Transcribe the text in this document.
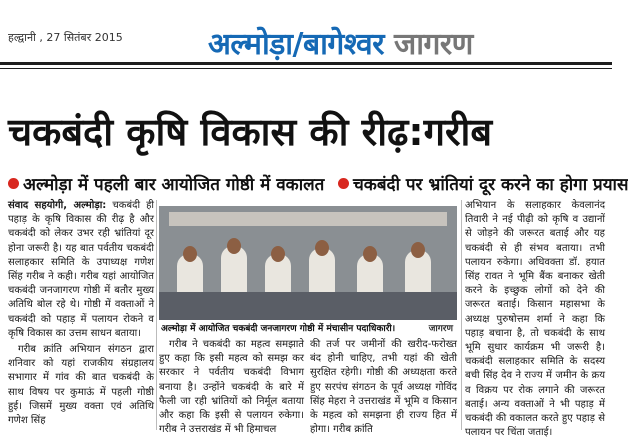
हल्द्वानी , 27 सितंबर 2015	अल्मोड़ा/बागेश्वर जागरण
चकबंदी कृषि विकास की रीढ़:गरीब
अल्मोड़ा में पहली बार आयोजित गोष्ठी में वकालत	चकबंदी पर भ्रांतियां दूर करने का होगा प्रयास

संवाद सहयोगी, अल्मोड़ा: चकबंदी ही पहाड़ के कृषि विकास की रीढ़ है और चकबंदी को लेकर उभर रही भ्रांतियां दूर होना जरूरी है। यह बात पर्वतीय चकबंदी सलाहकार समिति के उपाध्यक्ष गणेश सिंह गरीब ने कही। गरीब यहां आयोजित चकबंदी जनजागरण गोष्ठी में बतौर मुख्य अतिथि बोल रहे थे। गोष्ठी में वक्ताओं ने चकबंदी को पहाड़ में पलायन रोकने व कृषि विकास का उत्तम साधन बताया।

गरीब क्रांति अभियान संगठन द्वारा शनिवार को यहां राजकीय संग्रहालय सभागार में गांव की बात चकबंदी के साथ विषय पर कुमाऊं में पहली गोष्ठी हुई। जिसमें मुख्य वक्ता एवं अतिथि गणेश सिंह

अल्मोड़ा में आयोजित चकबंदी जनजागरण गोष्ठी में मंचासीन पदाधिकारी।	जागरण

गरीब ने चकबंदी का महत्व समझाते हुए कहा कि इसी महत्व को समझ कर सरकार ने पर्वतीय चकबंदी विभाग बनाया है। उन्होंने चकबंदी के बारे में फैली जा रही भ्रांतियों को निर्मूल बताया और कहा कि इसी से पलायन रुकेगा। गरीब ने उत्तराखंड में भी हिमाचल

की तर्ज पर जमीनों की खरीद-फरोख्त बंद होनी चाहिए, तभी यहां की खेती सुरक्षित रहेगी। गोष्ठी की अध्यक्षता करते हुए सरपंच संगठन के पूर्व अध्यक्ष गोविंद सिंह मेहरा ने उत्तराखंड में भूमि व किसान के महत्व को समझना ही राज्य हित में होगा। गरीब क्रांति

अभियान के सलाहकार केवलानंद तिवारी ने नई पीढ़ी को कृषि व उद्यानों से जोड़ने की जरूरत बताई और यह चकबंदी से ही संभव बताया। तभी पलायन रुकेगा। अधिवक्ता डॉ. हयात सिंह रावत ने भूमि बैंक बनाकर खेती करने के इच्छुक लोगों को देने की जरूरत बताई। किसान महासभा के अध्यक्ष पुरुषोत्तम शर्मा ने कहा कि पहाड़ बचाना है, तो चकबंदी के साथ भूमि सुधार कार्यक्रम भी जरूरी है। चकबंदी सलाहकार समिति के सदस्य बची सिंह देव ने राज्य में जमीन के क्रय व विक्रय पर रोक लगाने की जरूरत बताई। अन्य वक्ताओं ने भी पहाड़ में चकबंदी की वकालत करते हुए पहाड़ से पलायन पर चिंता जताई।
